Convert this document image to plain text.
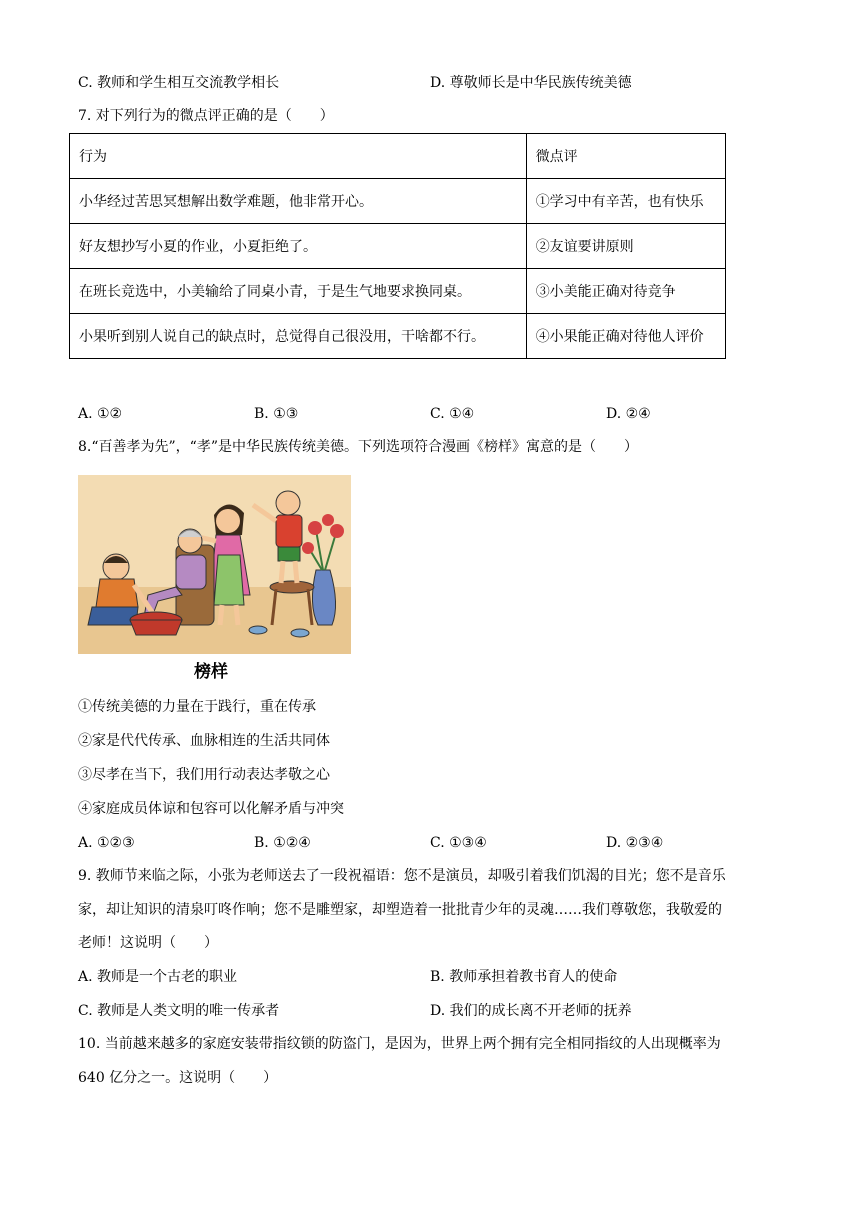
C. 教师和学生相互交流教学相长	D. 尊敬师长是中华民族传统美德
7. 对下列行为的微点评正确的是（　　）
行为	微点评
小华经过苦思冥想解出数学难题，他非常开心。	①学习中有辛苦，也有快乐
好友想抄写小夏的作业，小夏拒绝了。	②友谊要讲原则
在班长竞选中，小美输给了同桌小青，于是生气地要求换同桌。	③小美能正确对待竞争
小果听到别人说自己的缺点时，总觉得自己很没用，干啥都不行。	④小果能正确对待他人评价
A. ①②	B. ①③	C. ①④	D. ②④
8.“百善孝为先”，“孝”是中华民族传统美德。下列选项符合漫画《榜样》寓意的是（　　）
榜样
①传统美德的力量在于践行，重在传承
②家是代代传承、血脉相连的生活共同体
③尽孝在当下，我们用行动表达孝敬之心
④家庭成员体谅和包容可以化解矛盾与冲突
A. ①②③	B. ①②④	C. ①③④	D. ②③④
9. 教师节来临之际，小张为老师送去了一段祝福语：您不是演员，却吸引着我们饥渴的目光；您不是音乐
家，却让知识的清泉叮咚作响；您不是雕塑家，却塑造着一批批青少年的灵魂……我们尊敬您，我敬爱的
老师！这说明（　　）
A. 教师是一个古老的职业	B. 教师承担着教书育人的使命
C. 教师是人类文明的唯一传承者	D. 我们的成长离不开老师的抚养
10. 当前越来越多的家庭安装带指纹锁的防盗门，是因为，世界上两个拥有完全相同指纹的人出现概率为
640 亿分之一。这说明（　　）
